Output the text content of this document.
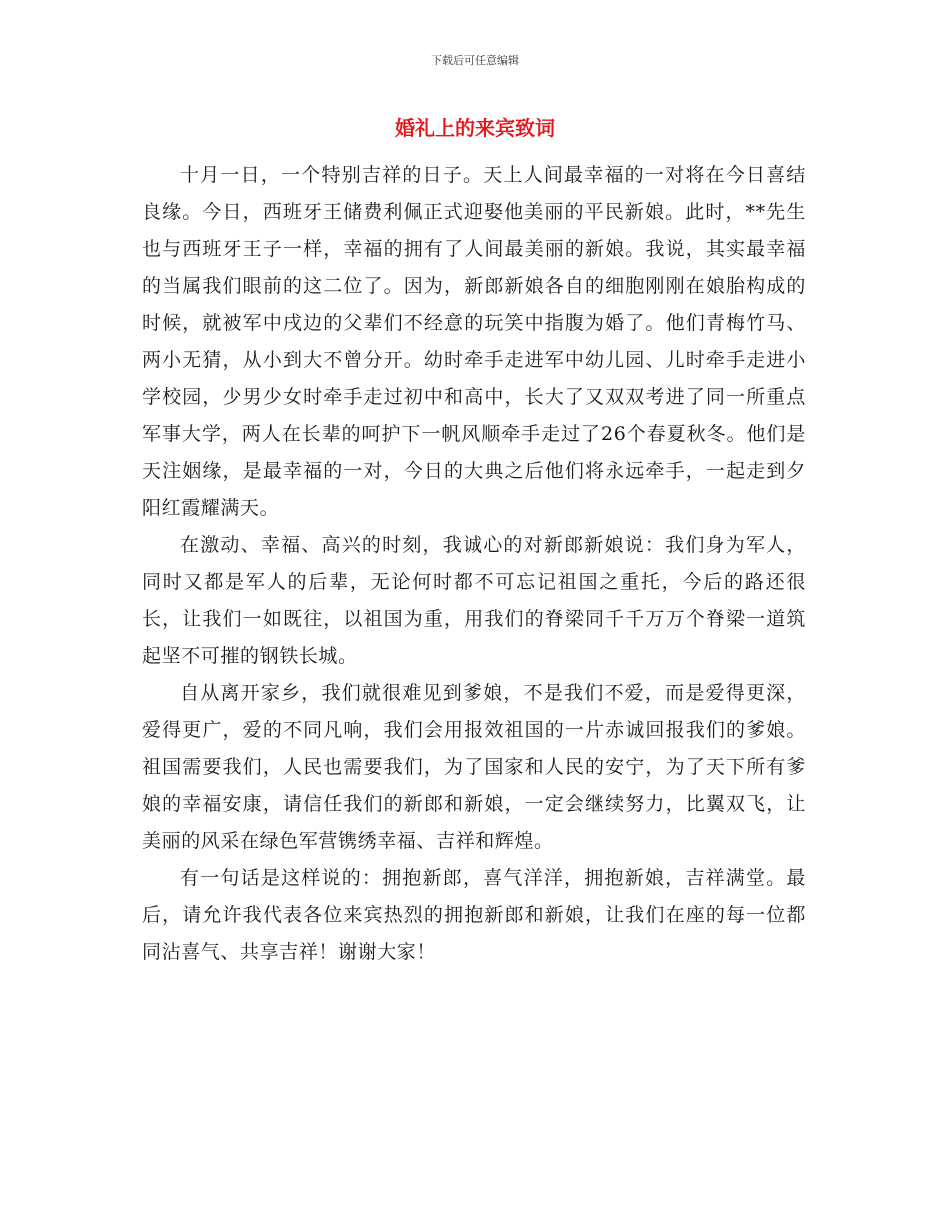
下载后可任意编辑
婚礼上的来宾致词

十月一日，一个特别吉祥的日子。天上人间最幸福的一对将在今日喜结良缘。今日，西班牙王储费利佩正式迎娶他美丽的平民新娘。此时，**先生也与西班牙王子一样，幸福的拥有了人间最美丽的新娘。我说，其实最幸福的当属我们眼前的这二位了。因为，新郎新娘各自的细胞刚刚在娘胎构成的时候，就被军中戌边的父辈们不经意的玩笑中指腹为婚了。他们青梅竹马、两小无猜，从小到大不曾分开。幼时牵手走进军中幼儿园、儿时牵手走进小学校园，少男少女时牵手走过初中和高中，长大了又双双考进了同一所重点军事大学，两人在长辈的呵护下一帆风顺牵手走过了26个春夏秋冬。他们是天注姻缘，是最幸福的一对，今日的大典之后他们将永远牵手，一起走到夕阳红霞耀满天。

在激动、幸福、高兴的时刻，我诚心的对新郎新娘说：我们身为军人，同时又都是军人的后辈，无论何时都不可忘记祖国之重托，今后的路还很长，让我们一如既往，以祖国为重，用我们的脊梁同千千万万个脊梁一道筑起坚不可摧的钢铁长城。

自从离开家乡，我们就很难见到爹娘，不是我们不爱，而是爱得更深，爱得更广，爱的不同凡响，我们会用报效祖国的一片赤诚回报我们的爹娘。祖国需要我们，人民也需要我们，为了国家和人民的安宁，为了天下所有爹娘的幸福安康，请信任我们的新郎和新娘，一定会继续努力，比翼双飞，让美丽的风采在绿色军营镌绣幸福、吉祥和辉煌。

有一句话是这样说的：拥抱新郎，喜气洋洋，拥抱新娘，吉祥满堂。最后，请允许我代表各位来宾热烈的拥抱新郎和新娘，让我们在座的每一位都同沾喜气、共享吉祥！谢谢大家！
